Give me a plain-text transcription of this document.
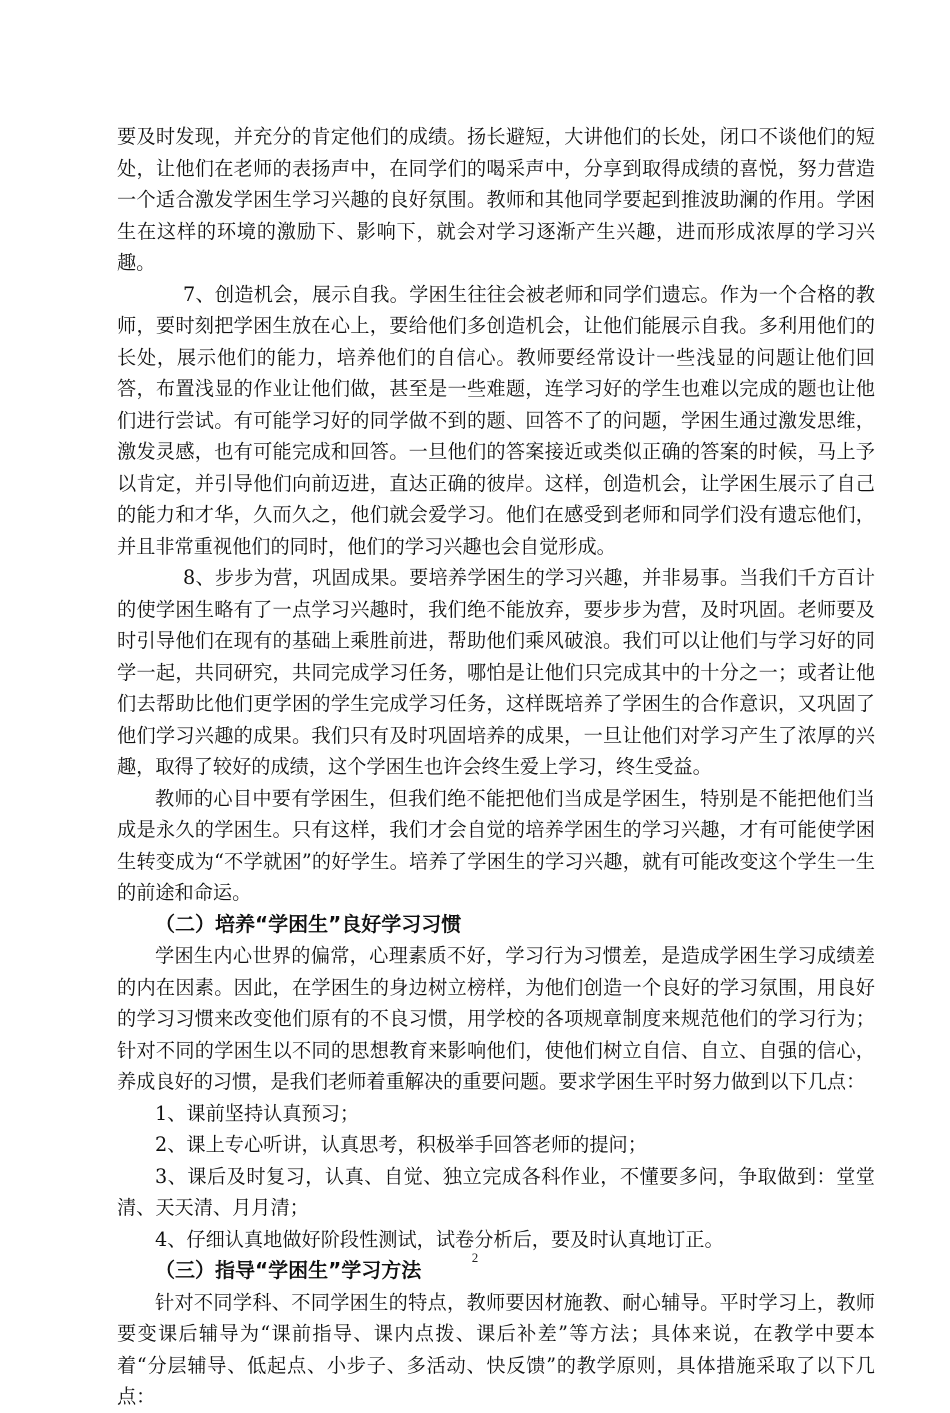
要及时发现，并充分的肯定他们的成绩。扬长避短，大讲他们的长处，闭口不谈他们的短处，让他们在老师的表扬声中，在同学们的喝采声中，分享到取得成绩的喜悦，努力营造一个适合激发学困生学习兴趣的良好氛围。教师和其他同学要起到推波助澜的作用。学困生在这样的环境的激励下、影响下，就会对学习逐渐产生兴趣，进而形成浓厚的学习兴趣。

7、创造机会，展示自我。学困生往往会被老师和同学们遗忘。作为一个合格的教师，要时刻把学困生放在心上，要给他们多创造机会，让他们能展示自我。多利用他们的长处，展示他们的能力，培养他们的自信心。教师要经常设计一些浅显的问题让他们回答，布置浅显的作业让他们做，甚至是一些难题，连学习好的学生也难以完成的题也让他们进行尝试。有可能学习好的同学做不到的题、回答不了的问题，学困生通过激发思维，激发灵感，也有可能完成和回答。一旦他们的答案接近或类似正确的答案的时候，马上予以肯定，并引导他们向前迈进，直达正确的彼岸。这样，创造机会，让学困生展示了自己的能力和才华，久而久之，他们就会爱学习。他们在感受到老师和同学们没有遗忘他们，并且非常重视他们的同时，他们的学习兴趣也会自觉形成。

8、步步为营，巩固成果。要培养学困生的学习兴趣，并非易事。当我们千方百计的使学困生略有了一点学习兴趣时，我们绝不能放弃，要步步为营，及时巩固。老师要及时引导他们在现有的基础上乘胜前进，帮助他们乘风破浪。我们可以让他们与学习好的同学一起，共同研究，共同完成学习任务，哪怕是让他们只完成其中的十分之一；或者让他们去帮助比他们更学困的学生完成学习任务，这样既培养了学困生的合作意识，又巩固了他们学习兴趣的成果。我们只有及时巩固培养的成果，一旦让他们对学习产生了浓厚的兴趣，取得了较好的成绩，这个学困生也许会终生爱上学习，终生受益。

教师的心目中要有学困生，但我们绝不能把他们当成是学困生，特别是不能把他们当成是永久的学困生。只有这样，我们才会自觉的培养学困生的学习兴趣，才有可能使学困生转变成为“不学就困”的好学生。培养了学困生的学习兴趣，就有可能改变这个学生一生的前途和命运。

（二）培养“学困生”良好学习习惯

学困生内心世界的偏常，心理素质不好，学习行为习惯差，是造成学困生学习成绩差的内在因素。因此，在学困生的身边树立榜样，为他们创造一个良好的学习氛围，用良好的学习习惯来改变他们原有的不良习惯，用学校的各项规章制度来规范他们的学习行为；针对不同的学困生以不同的思想教育来影响他们，使他们树立自信、自立、自强的信心，养成良好的习惯，是我们老师着重解决的重要问题。要求学困生平时努力做到以下几点：

1、课前坚持认真预习；

2、课上专心听讲，认真思考，积极举手回答老师的提问；

3、课后及时复习，认真、自觉、独立完成各科作业，不懂要多问，争取做到：堂堂清、天天清、月月清；

4、仔细认真地做好阶段性测试，试卷分析后，要及时认真地订正。

（三）指导“学困生”学习方法

针对不同学科、不同学困生的特点，教师要因材施教、耐心辅导。平时学习上，教师要变课后辅导为“课前指导、课内点拨、课后补差”等方法；具体来说，在教学中要本着“分层辅导、低起点、小步子、多活动、快反馈”的教学原则，具体措施采取了以下几点：

2
